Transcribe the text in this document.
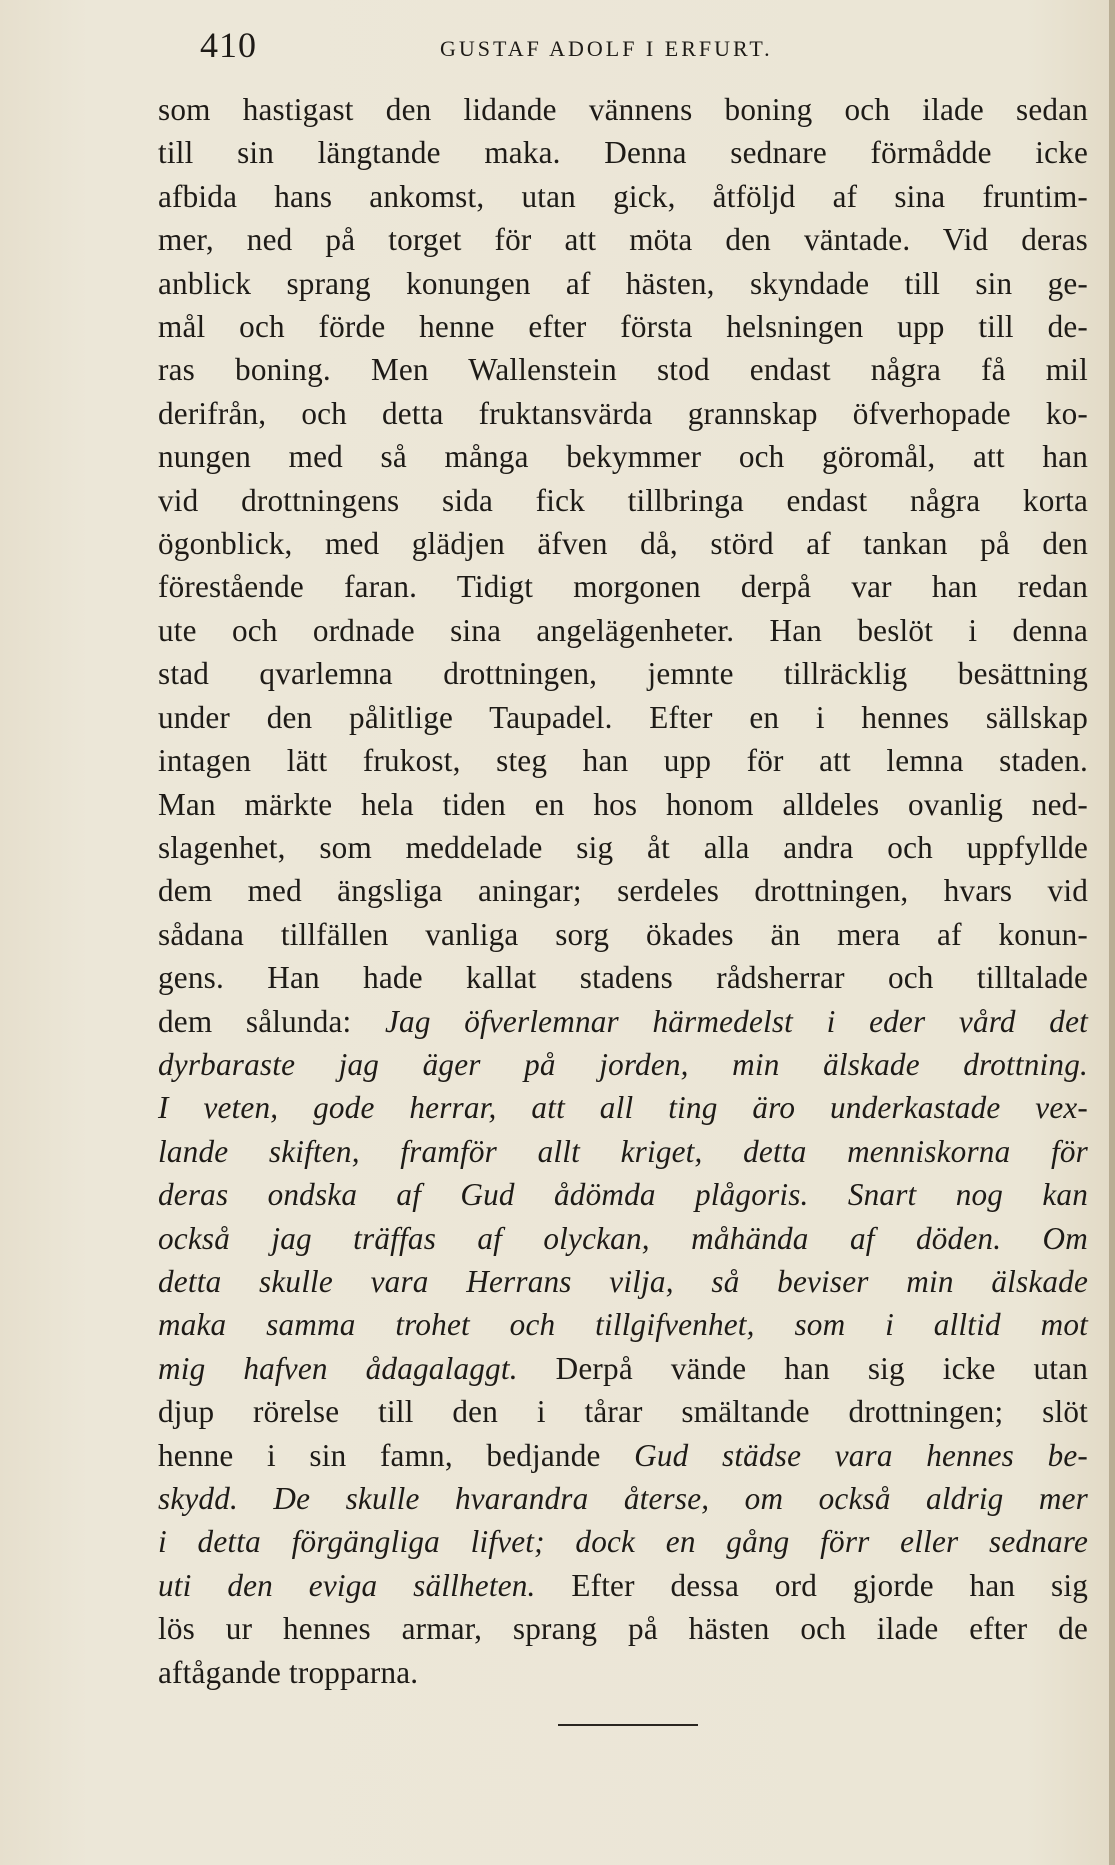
410	GUSTAF ADOLF I ERFURT.
som hastigast den lidande vännens boning och ilade sedan
till sin längtande maka. Denna sednare förmådde icke
afbida hans ankomst, utan gick, åtföljd af sina fruntim-
mer, ned på torget för att möta den väntade. Vid deras
anblick sprang konungen af hästen, skyndade till sin ge-
mål och förde henne efter första helsningen upp till de-
ras boning. Men Wallenstein stod endast några få mil
derifrån, och detta fruktansvärda grannskap öfverhopade ko-
nungen med så många bekymmer och göromål, att han
vid drottningens sida fick tillbringa endast några korta
ögonblick, med glädjen äfven då, störd af tankan på den
förestående faran. Tidigt morgonen derpå var han redan
ute och ordnade sina angelägenheter. Han beslöt i denna
stad qvarlemna drottningen, jemnte tillräcklig besättning
under den pålitlige Taupadel. Efter en i hennes sällskap
intagen lätt frukost, steg han upp för att lemna staden.
Man märkte hela tiden en hos honom alldeles ovanlig ned-
slagenhet, som meddelade sig åt alla andra och uppfyllde
dem med ängsliga aningar; serdeles drottningen, hvars vid
sådana tillfällen vanliga sorg ökades än mera af konun-
gens. Han hade kallat stadens rådsherrar och tilltalade
dem sålunda: Jag öfverlemnar härmedelst i eder vård det
dyrbaraste jag äger på jorden, min älskade drottning.
I veten, gode herrar, att all ting äro underkastade vex-
lande skiften, framför allt kriget, detta menniskorna för
deras ondska af Gud ådömda plågoris. Snart nog kan
också jag träffas af olyckan, måhända af döden. Om
detta skulle vara Herrans vilja, så beviser min älskade
maka samma trohet och tillgifvenhet, som i alltid mot
mig hafven ådagalaggt. Derpå vände han sig icke utan
djup rörelse till den i tårar smältande drottningen; slöt
henne i sin famn, bedjande Gud städse vara hennes be-
skydd. De skulle hvarandra återse, om också aldrig mer
i detta förgängliga lifvet; dock en gång förr eller sednare
uti den eviga sällheten. Efter dessa ord gjorde han sig
lös ur hennes armar, sprang på hästen och ilade efter de
aftågande tropparna.
